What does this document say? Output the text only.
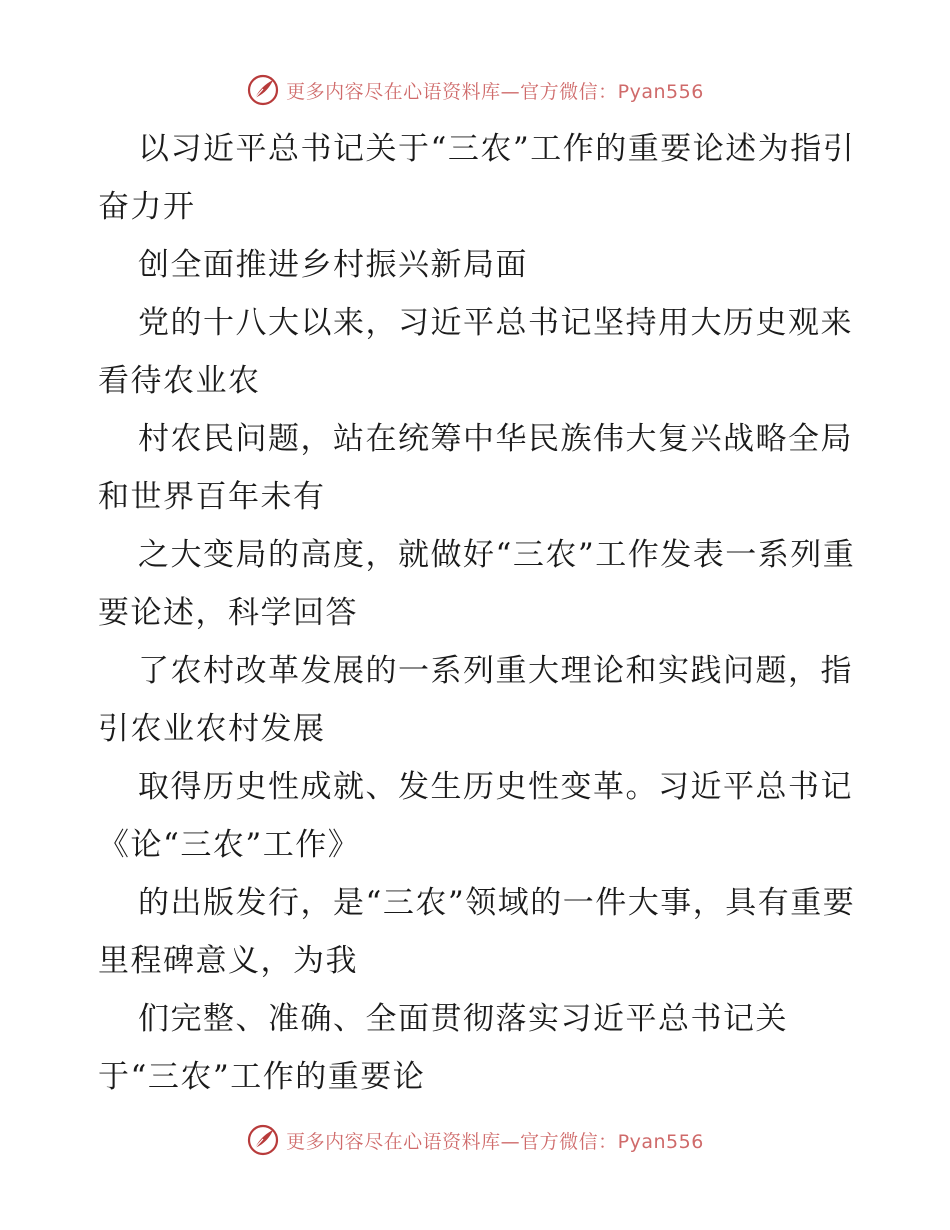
更多内容尽在心语资料库—官方微信：Pyan556

以习近平总书记关于“三农”工作的重要论述为指引 奋力开

创全面推进乡村振兴新局面

党的十八大以来，习近平总书记坚持用大历史观来看待农业农

村农民问题，站在统筹中华民族伟大复兴战略全局和世界百年未有

之大变局的高度，就做好“三农”工作发表一系列重要论述，科学回答

了农村改革发展的一系列重大理论和实践问题，指引农业农村发展

取得历史性成就、发生历史性变革。习近平总书记《论“三农”工作》

的出版发行，是“三农”领域的一件大事，具有重要里程碑意义，为我

们完整、准确、全面贯彻落实习近平总书记关于“三农”工作的重要论

更多内容尽在心语资料库—官方微信：Pyan556
